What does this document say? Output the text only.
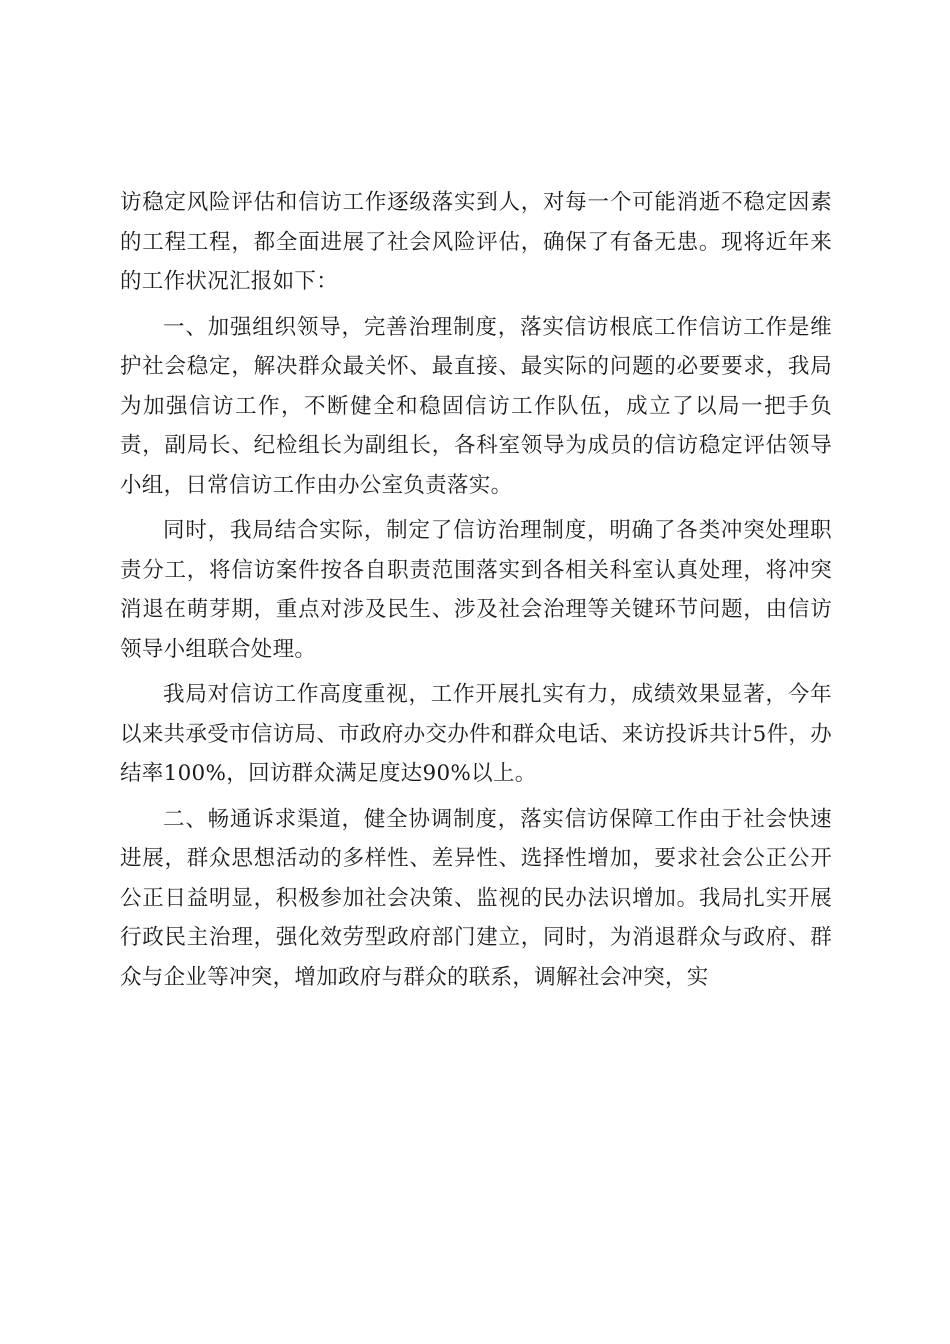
访稳定风险评估和信访工作逐级落实到人，对每一个可能消逝不稳定因素的工程工程，都全面进展了社会风险评估，确保了有备无患。现将近年来的工作状况汇报如下：

一、加强组织领导，完善治理制度，落实信访根底工作信访工作是维护社会稳定，解决群众最关怀、最直接、最实际的问题的必要要求，我局为加强信访工作，不断健全和稳固信访工作队伍，成立了以局一把手负责，副局长、纪检组长为副组长，各科室领导为成员的信访稳定评估领导小组，日常信访工作由办公室负责落实。

同时，我局结合实际，制定了信访治理制度，明确了各类冲突处理职责分工，将信访案件按各自职责范围落实到各相关科室认真处理，将冲突消退在萌芽期，重点对涉及民生、涉及社会治理等关键环节问题，由信访领导小组联合处理。

我局对信访工作高度重视，工作开展扎实有力，成绩效果显著，今年以来共承受市信访局、市政府办交办件和群众电话、来访投诉共计5件，办结率100%，回访群众满足度达90%以上。

二、畅通诉求渠道，健全协调制度，落实信访保障工作由于社会快速进展，群众思想活动的多样性、差异性、选择性增加，要求社会公正公开公正日益明显，积极参加社会决策、监视的民办法识增加。我局扎实开展行政民主治理，强化效劳型政府部门建立，同时，为消退群众与政府、群众与企业等冲突，增加政府与群众的联系，调解社会冲突，实
